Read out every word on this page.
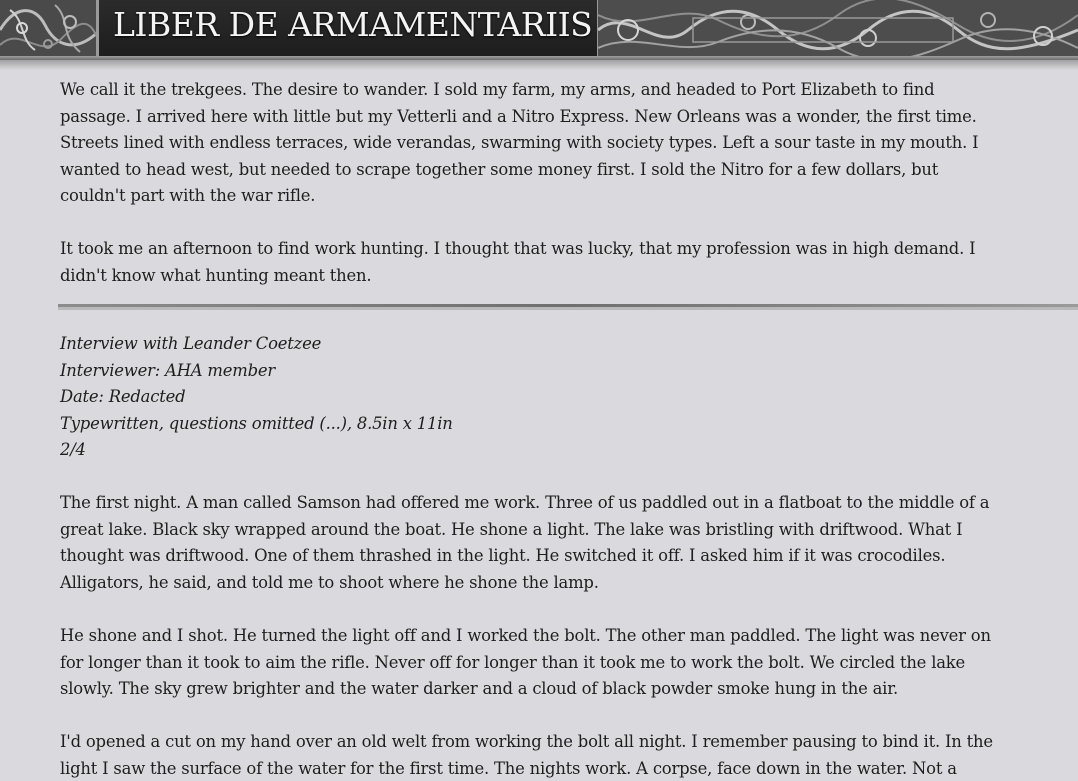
LIBER DE ARMAMENTARIIS

We call it the trekgees. The desire to wander. I sold my farm, my arms, and headed to Port Elizabeth to find
passage. I arrived here with little but my Vetterli and a Nitro Express. New Orleans was a wonder, the first time.
Streets lined with endless terraces, wide verandas, swarming with society types. Left a sour taste in my mouth. I
wanted to head west, but needed to scrape together some money first. I sold the Nitro for a few dollars, but
couldn't part with the war rifle.

It took me an afternoon to find work hunting. I thought that was lucky, that my profession was in high demand. I
didn't know what hunting meant then.

Interview with Leander Coetzee
Interviewer: AHA member
Date: Redacted
Typewritten, questions omitted (...), 8.5in x 11in
2/4

The first night. A man called Samson had offered me work. Three of us paddled out in a flatboat to the middle of a
great lake. Black sky wrapped around the boat. He shone a light. The lake was bristling with driftwood. What I
thought was driftwood. One of them thrashed in the light. He switched it off. I asked him if it was crocodiles.
Alligators, he said, and told me to shoot where he shone the lamp.

He shone and I shot. He turned the light off and I worked the bolt. The other man paddled. The light was never on
for longer than it took to aim the rifle. Never off for longer than it took me to work the bolt. We circled the lake
slowly. The sky grew brighter and the water darker and a cloud of black powder smoke hung in the air.

I'd opened a cut on my hand over an old welt from working the bolt all night. I remember pausing to bind it. In the
light I saw the surface of the water for the first time. The nights work. A corpse, face down in the water. Not a
